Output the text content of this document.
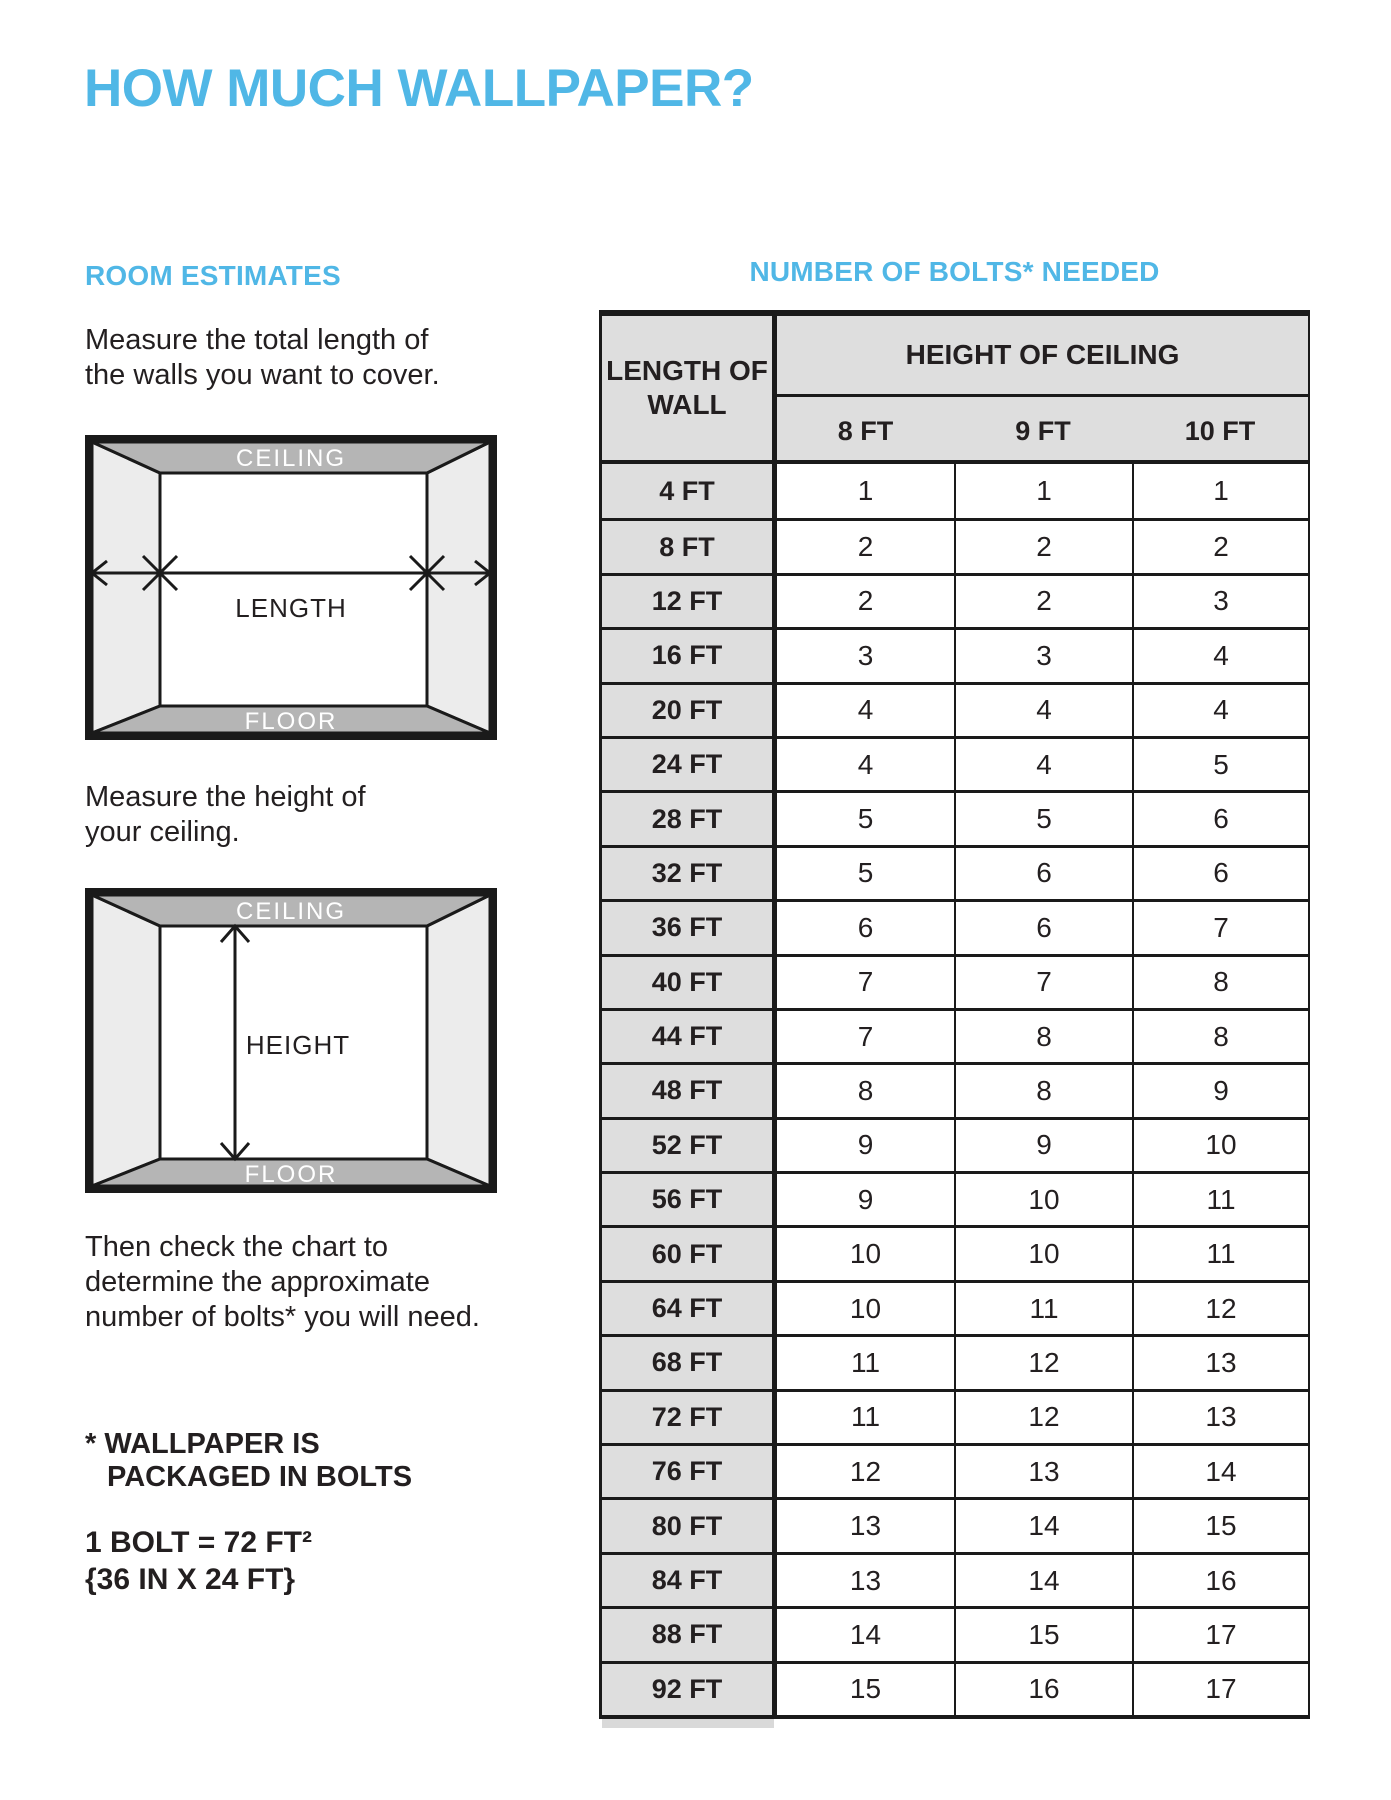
HOW MUCH WALLPAPER?
ROOM ESTIMATES
Measure the total length of
the walls you want to cover.
CEILING
FLOOR
LENGTH
Measure the height of
your ceiling.
CEILING
FLOOR
HEIGHT
Then check the chart to
determine the approximate
number of bolts* you will need.
* WALLPAPER IS
PACKAGED IN BOLTS
1 BOLT = 72 FT²
{36 IN X 24 FT}
NUMBER OF BOLTS* NEEDED
LENGTH OF WALL
HEIGHT OF CEILING
8 FT	9 FT	10 FT
4 FT	1	1	1
8 FT	2	2	2
12 FT	2	2	3
16 FT	3	3	4
20 FT	4	4	4
24 FT	4	4	5
28 FT	5	5	6
32 FT	5	6	6
36 FT	6	6	7
40 FT	7	7	8
44 FT	7	8	8
48 FT	8	8	9
52 FT	9	9	10
56 FT	9	10	11
60 FT	10	10	11
64 FT	10	11	12
68 FT	11	12	13
72 FT	11	12	13
76 FT	12	13	14
80 FT	13	14	15
84 FT	13	14	16
88 FT	14	15	17
92 FT	15	16	17
